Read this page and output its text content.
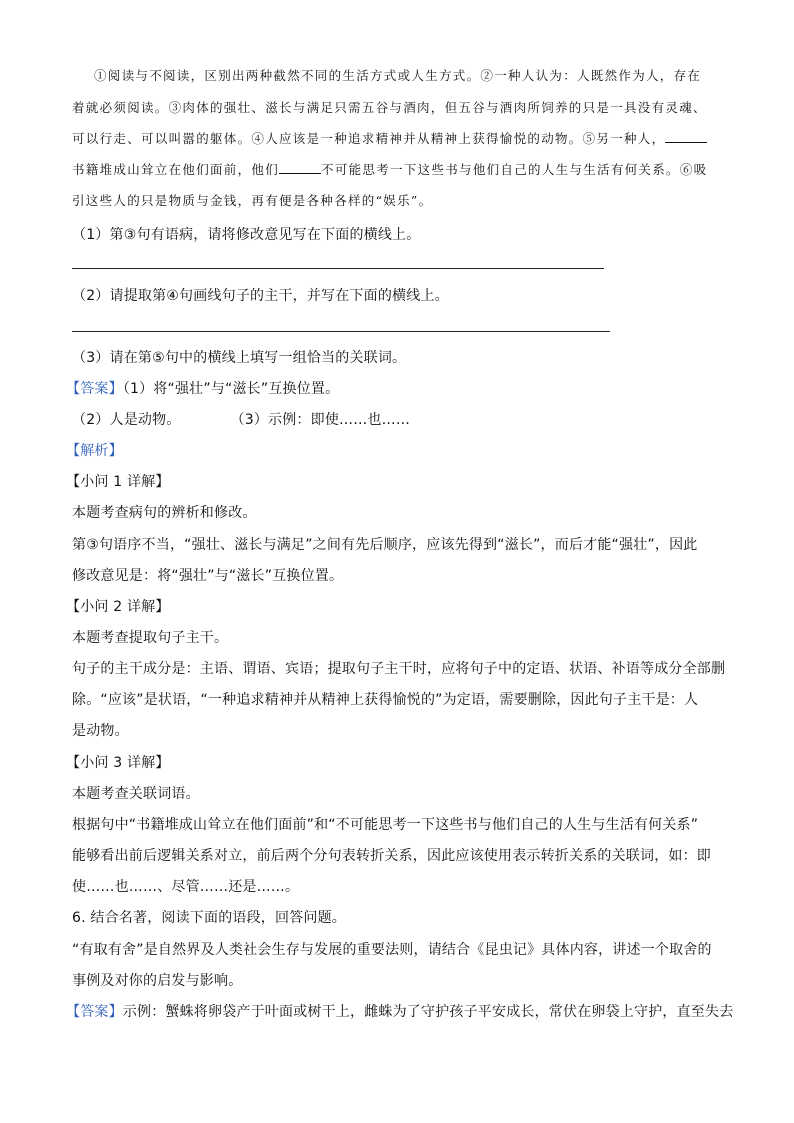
①阅读与不阅读，区别出两种截然不同的生活方式或人生方式。②一种人认为：人既然作为人，存在
着就必须阅读。③肉体的强壮、滋长与满足只需五谷与酒肉，但五谷与酒肉所饲养的只是一具没有灵魂、
可以行走、可以叫嚣的躯体。④人应该是一种追求精神并从精神上获得愉悦的动物。⑤另一种人，
书籍堆成山耸立在他们面前，他们	不可能思考一下这些书与他们自己的人生与生活有何关系。⑥吸
引这些人的只是物质与金钱，再有便是各种各样的“娱乐”。
（1）第③句有语病，请将修改意见写在下面的横线上。
（2）请提取第④句画线句子的主干，并写在下面的横线上。
（3）请在第⑤句中的横线上填写一组恰当的关联词。
【答案】（1）将“强壮”与“滋长”互换位置。
（2）人是动物。	（3）示例：即使……也……
【解析】
【小问 1 详解】
本题考查病句的辨析和修改。
第③句语序不当，“强壮、滋长与满足”之间有先后顺序，应该先得到“滋长”，而后才能“强壮”，因此
修改意见是：将“强壮”与“滋长”互换位置。
【小问 2 详解】
本题考查提取句子主干。
句子的主干成分是：主语、谓语、宾语；提取句子主干时，应将句子中的定语、状语、补语等成分全部删
除。“应该”是状语，“一种追求精神并从精神上获得愉悦的”为定语，需要删除，因此句子主干是：人
是动物。
【小问 3 详解】
本题考查关联词语。
根据句中“书籍堆成山耸立在他们面前”和“不可能思考一下这些书与他们自己的人生与生活有何关系”
能够看出前后逻辑关系对立，前后两个分句表转折关系，因此应该使用表示转折关系的关联词，如：即
使……也……、尽管……还是……。
6. 结合名著，阅读下面的语段，回答问题。
“有取有舍”是自然界及人类社会生存与发展的重要法则，请结合《昆虫记》具体内容，讲述一个取舍的
事例及对你的启发与影响。
【答案】示例：蟹蛛将卵袋产于叶面或树干上，雌蛛为了守护孩子平安成长，常伏在卵袋上守护，直至失去
